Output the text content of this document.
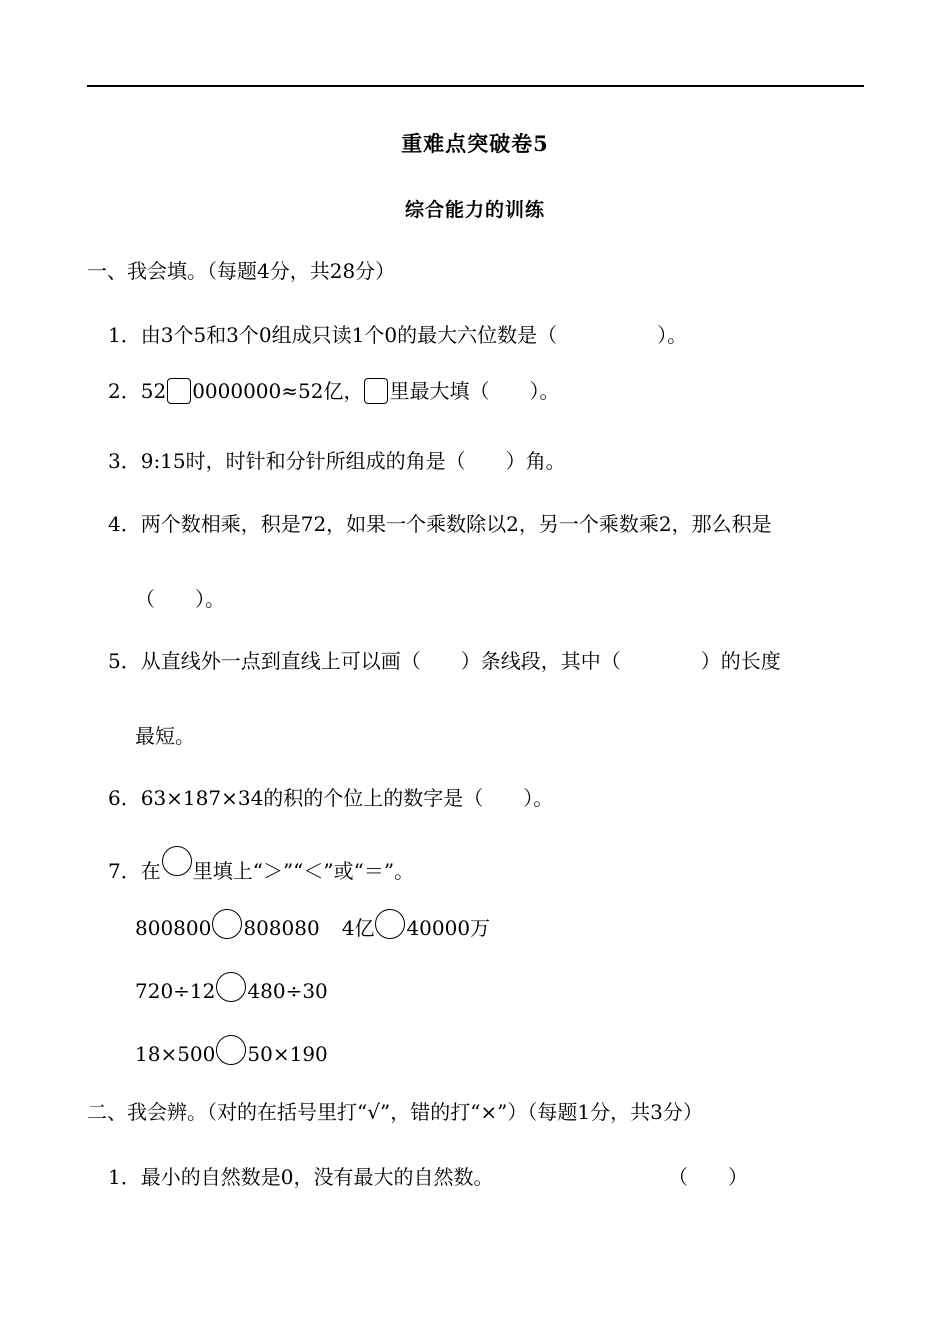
重难点突破卷5
综合能力的训练
一、我会填。（每题4分，共28分）
1．由3个5和3个0组成只读1个0的最大六位数是（　　　　　）。
2．52 0000000≈52亿， 里最大填（　　）。
3．9:15时，时针和分针所组成的角是（　　）角。
4．两个数相乘，积是72，如果一个乘数除以2，另一个乘数乘2，那么积是
（　　）。
5．从直线外一点到直线上可以画（　　）条线段，其中（　　　　）的长度
最短。
6．63×187×34的积的个位上的数字是（　　）。
7．在 里填上“＞”“＜”或“＝”。
800800 808080 4亿 40000万
720÷12 480÷30
18×500 50×190
二、我会辨。（对的在括号里打“√”，错的打“×”）（每题1分，共3分）
1．最小的自然数是0，没有最大的自然数。	（　　）
